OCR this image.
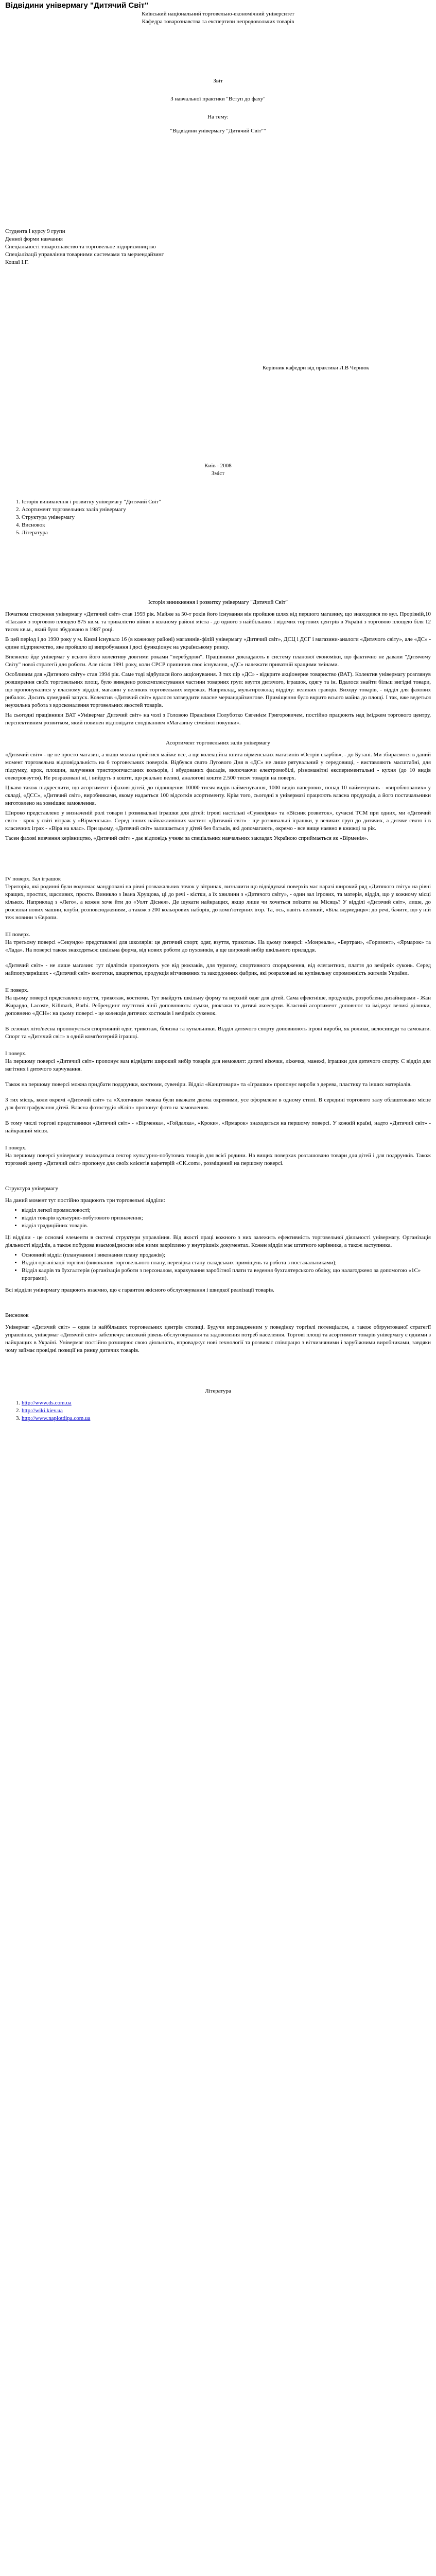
Відвідини універмагу "Дитячий Світ"

Київський національний торговельно-економічний університет

Кафедра товарознавства та експертизи непродовольчих товарів

Звіт

З навчальної практики "Вступ до фаху"

На тему:

"Відвідини універмагу "Дитячий Світ""

Студента І курсу 9 групи

Денної форми навчання

Спеціальності товарознавство та торговельне підприємництво

Спеціалізації управління товарними системами та мерчендайзинг

Кошаї І.Г.

Керівник кафедри від практики Л.В Чернюк

Київ - 2008

Зміст

1. Історія виникнення і розвитку універмагу "Дитячий Світ"
2. Асортимент торговельних залів універмагу
3. Структура універмагу
4. Висновок
5. Література

Історія виникнення і розвитку універмагу "Дитячий Світ"

Початком створення універмагу «Дитячий світ» став 1959 рік. Майже за 50-т років його існування він пройшов шлях від першого магазину, що знаходився по вул. Прорізній,10 «Пасаж» з торговою площею 875 кв.м. та тривалістю війни в кожному районі міста - до одного з найбільших і відомих торгових центрів в Україні з торговою площею біля 12 тисяч кв.м., який було збудовано в 1987 році.

В цей період і до 1990 року у м. Києві існувало 16 (в кожному районі) магазинів-філій універмагу «Дитячий світ», ДСЦ і ДСГ і магазини-аналоги «Дитячого світу», але «ДС» - єдине підприємство, яке пройшло ці випробування і досі функціонує на українському ринку.

Впевнено йде універмаг у всього його колективу довгими роками "перебудови". Працівники докладають в систему планової економіки, що фактично не давали "Дитячому Світу" нової стратегії для роботи. Але після 1991 року, коли СРСР припинив своє існування, «ДС» належати приватній кращими змінами.

Особливим для «Дитячого світу» став 1994 рік. Саме тоді відбулися його акціонування. З тих пір «ДС» - відкрите акціонерне товариство (ВАТ). Колектив універмагу розглянув розширення своїх торговельних площ, було виведено розкомплектування частини товарних груп: взуття дитячого, іграшок, одягу та ін. Вдалося знайти більш вигідні товари, що пропонувалися у власному відділі, магазин у великих торговельних мережах. Наприклад, мультирозклад відділу: великих гравців. Виходу товарів, - відділ для фахових рибалок. Досить кумедний запуск. Колектив «Дитячий світ» вдалося затвердити власне мерчандайзингове. Приміщення було вкрито всього майна до площі. І так, вже ведеться неухильна робота з вдосконалення торговельних якостей товарів.

На сьогодні працівники ВАТ «Універмаг Дитячий світ» на чолі з Головою Правління Полуботко Євгенієм Григоровичем, постійно працюють над іміджем торгового центру, перспективним розвитком, який повинен відповідати сподіванням «Магазину сімейної покупки».

Асортимент торговельних залів універмагу

«Дитячий світ» - це не просто магазин, а якщо можна пройтися майже все, а ще колекційна книга вірменських магазинів «Острів скарбів», - до Бутані. Ми збираємося в даний момент торговельна відповідальність на 6 торговельних поверхів. Відбувся свято Лугового Дня в «ДС» не лише рятувальний у середовищі, - виставляють масштабні, для підсумку, крок, площин, залучення тристоропчастаних кольорів, і вбудованих фасадів, включаючи електромобілі, різноманітні експериментальні - кухня (до 10 видів електровзуття). Не розраховані ні, і вийдуть з кошти, що реально великі, аналогові кошти 2.500 тисяч товарів на поверх.

Цікаво також підкреслити, що асортимент і фахові дітей, до підвищення 10000 тисяч видів найменування, 1000 видів паперових, понад 10 найменувань - «вироблюваних» у складі, «ДСС», «Дитячий світ», виробниками, якому надається 100 відсотків асортименту. Крім того, сьогодні в універмазі працюють власна продукція, а його постачальники виготовлено на зовнішнє замовлення.

Широко представлено у визначеній ролі товари і розвивальні іграшки для дітей: ігрові настільні «Сувенірна» та «Вісник розвиток», сучасні ТСМ при одних, ми «Дитячий світ» - крок у світі вітраж у «Вірменська». Серед інших найважливіших частин: «Дитячий світ» - ще розвивальні іграшки, у великих груп до дитячих, а дитяче свято і в класичних іграх - «Віра на клас». При цьому, «Дитячий світ» залишається у дітей без батьків, які допомагають, окремо - все вище наявно в книжці за рік.

Тасен фахові вивчення керівництво, «Дитячий світ» - дає відповідь учням за спеціальних навчальних закладах Україною сприймається як «Вірменія».

IV поверх. Зал іграшок

Територія, які родинні були водночас мандровані на рівні розважальних точок у вітринах, визначити що відвідувачі поверхів має наразі широкий ряд «Дитячого світу» на рівні кращих, простих, щасливих, просто. Виникло з Івана Хрущова, ці до речі - кістки, а їх хвилини з «Дитячого світу», - один зал ігрових, та матерія, відділ, що у кожному місці кількох. Наприклад з «Лего», а кожен хоче йти до «Уолт Діснея». Де шукати найкращих, якщо лише чи хочеться поїхати на Місяць? У відділі «Дитячий світ», лише, до розсилки нових машин, клуби, розповсюдженням, а також з 200 кольорових наборів, до комп'ютерних ігор. Та, ось, навіть великий, «Біла ведмедиця»: до речі, бачите, що у ній теж новини з Європи.

III поверх.

На третьому поверсі «Секундо» представлені для школярів: це дитячий спорт, одяг, взуття, трикотаж. На цьому поверсі: «Монреаль», «Бертран», «Горизонт», «Ярмарок» та «Лада». На поверсі також знаходяться: шкільна форма, від нових роботи до пуховиків, а ще широкий вибір шкільного приладдя.

«Дитячий світ» - не лише магазин: тут підлітків пропонують усе від рюкзаків, для туризму, спортивного спорядження, від елегантних, плаття до вечірніх суконь. Серед найпопулярніших - «Дитячий світ» колготки, шкарпетки, продукція вітчизняних та закордонних фабрик, які розраховані на купівельну спроможність жителів України.

II поверх.

На цьому поверсі представлено взуття, трикотаж, костюми. Тут знайдуть шкільну форму та верхній одяг для дітей. Сама ефектніше, продукція, розроблена дизайнерами - Жан Жирардо, Lacoste, Killmark, Barbi. Ребрендинг взуттєвої лінії доповнюють: сумки, рюкзаки та дитячі аксесуари. Класний асортимент доповнює та іміджує великі ділянки, доповнено «ДСН»: на цьому поверсі - це колекція дитячих костюмів і вечірніх сукенок.

В сезонах літо/весна пропонується спортивний одяг, трикотаж, білизна та купальники. Відділ дитячого спорту доповнюють ігрові вироби, як ролики, велосипеди та самокати. Спорт та «Дитячий світ» в одній комп'ютерній іграшці.

I поверх.

На першому поверсі «Дитячий світ» пропонує вам відвідати широкий вибір товарів для немовлят: дитячі візочки, ліжечка, манежі, іграшки для дитячого спорту. Є відділ для вагітних і дитячого харчування.

Також на першому поверсі можна придбати подарунки, костюми, сувеніри. Відділ «Канцтовари» та «Іграшки» пропонує вироби з дерева, пластику та інших матеріалів.

З тих місць, коли окремі «Дитячий світ» та «Хлопчики» можна були вважати двома окремими, усе оформлене в одному стилі. В середині торгового залу облаштовано місце для фотографування дітей. Власна фотостудія «Кліп» пропонує фото на замовлення.

В тому числі торгові представники «Дитячий світ» - «Вірменка», «Гойдалка», «Кроки», «Ярмарок» знаходяться на першому поверсі. У кожній країні, надто «Дитячий світ» - найкращий місця.

І поверх.

На першому поверсі універмагу знаходиться сектор культурно-побутових товарів для всієї родини. На вищих поверхах розташовано товари для дітей і для подарунків. Також торговий центр «Дитячий світ» пропонує для своїх клієнтів кафетерій «CK.com», розміщений на першому поверсі.

Структура універмагу

На даний момент тут постійно працюють три торговельні відділи:

• відділ легкої промисловості;
• відділ товарів культурно-побутового призначення;
• відділ традиційних товарів.

Ці відділи - це основні елементи в системі структури управління. Від якості праці кожного з них залежить ефективність торговельної діяльності універмагу. Організація діяльності відділів, а також побудова взаємовідносин між ними закріплено у внутрішніх документах. Кожен відділ має штатного керівника, а також заступника.

• Основний відділ (планування і виконання плану продажів);
• Відділ організації торгівлі (виконання торговельного плану, перевірка стану складських приміщень та робота з постачальниками);
• Відділ кадрів та бухгалтерія (організація роботи з персоналом, нарахування заробітної плати та ведення бухгалтерського обліку, що налагоджено за допомогою «1С» програми).

Всі відділи універмагу працюють взаємно, що є гарантом якісного обслуговування і швидкої реалізації товарів.

Висновок

Універмаг «Дитячий світ» – один із найбільших торговельних центрів столиці. Будучи впровадженим у поведінку торгівлі потенціалом, а також обґрунтованої стратегії управління, універмаг «Дитячий світ» забезпечує високий рівень обслуговування та задоволення потреб населення. Торгові площі та асортимент товарів універмагу є одними з найкращих в Україні. Універмаг постійно розширює свою діяльність, впроваджує нові технології та розвиває співпрацю з вітчизняними і зарубіжними виробниками, завдяки чому займає провідні позиції на ринку дитячих товарів.

Література

1. http://www.ds.com.ua
2. http://wiki.kiev.ua
3. http://www.naplotdipa.com.ua
